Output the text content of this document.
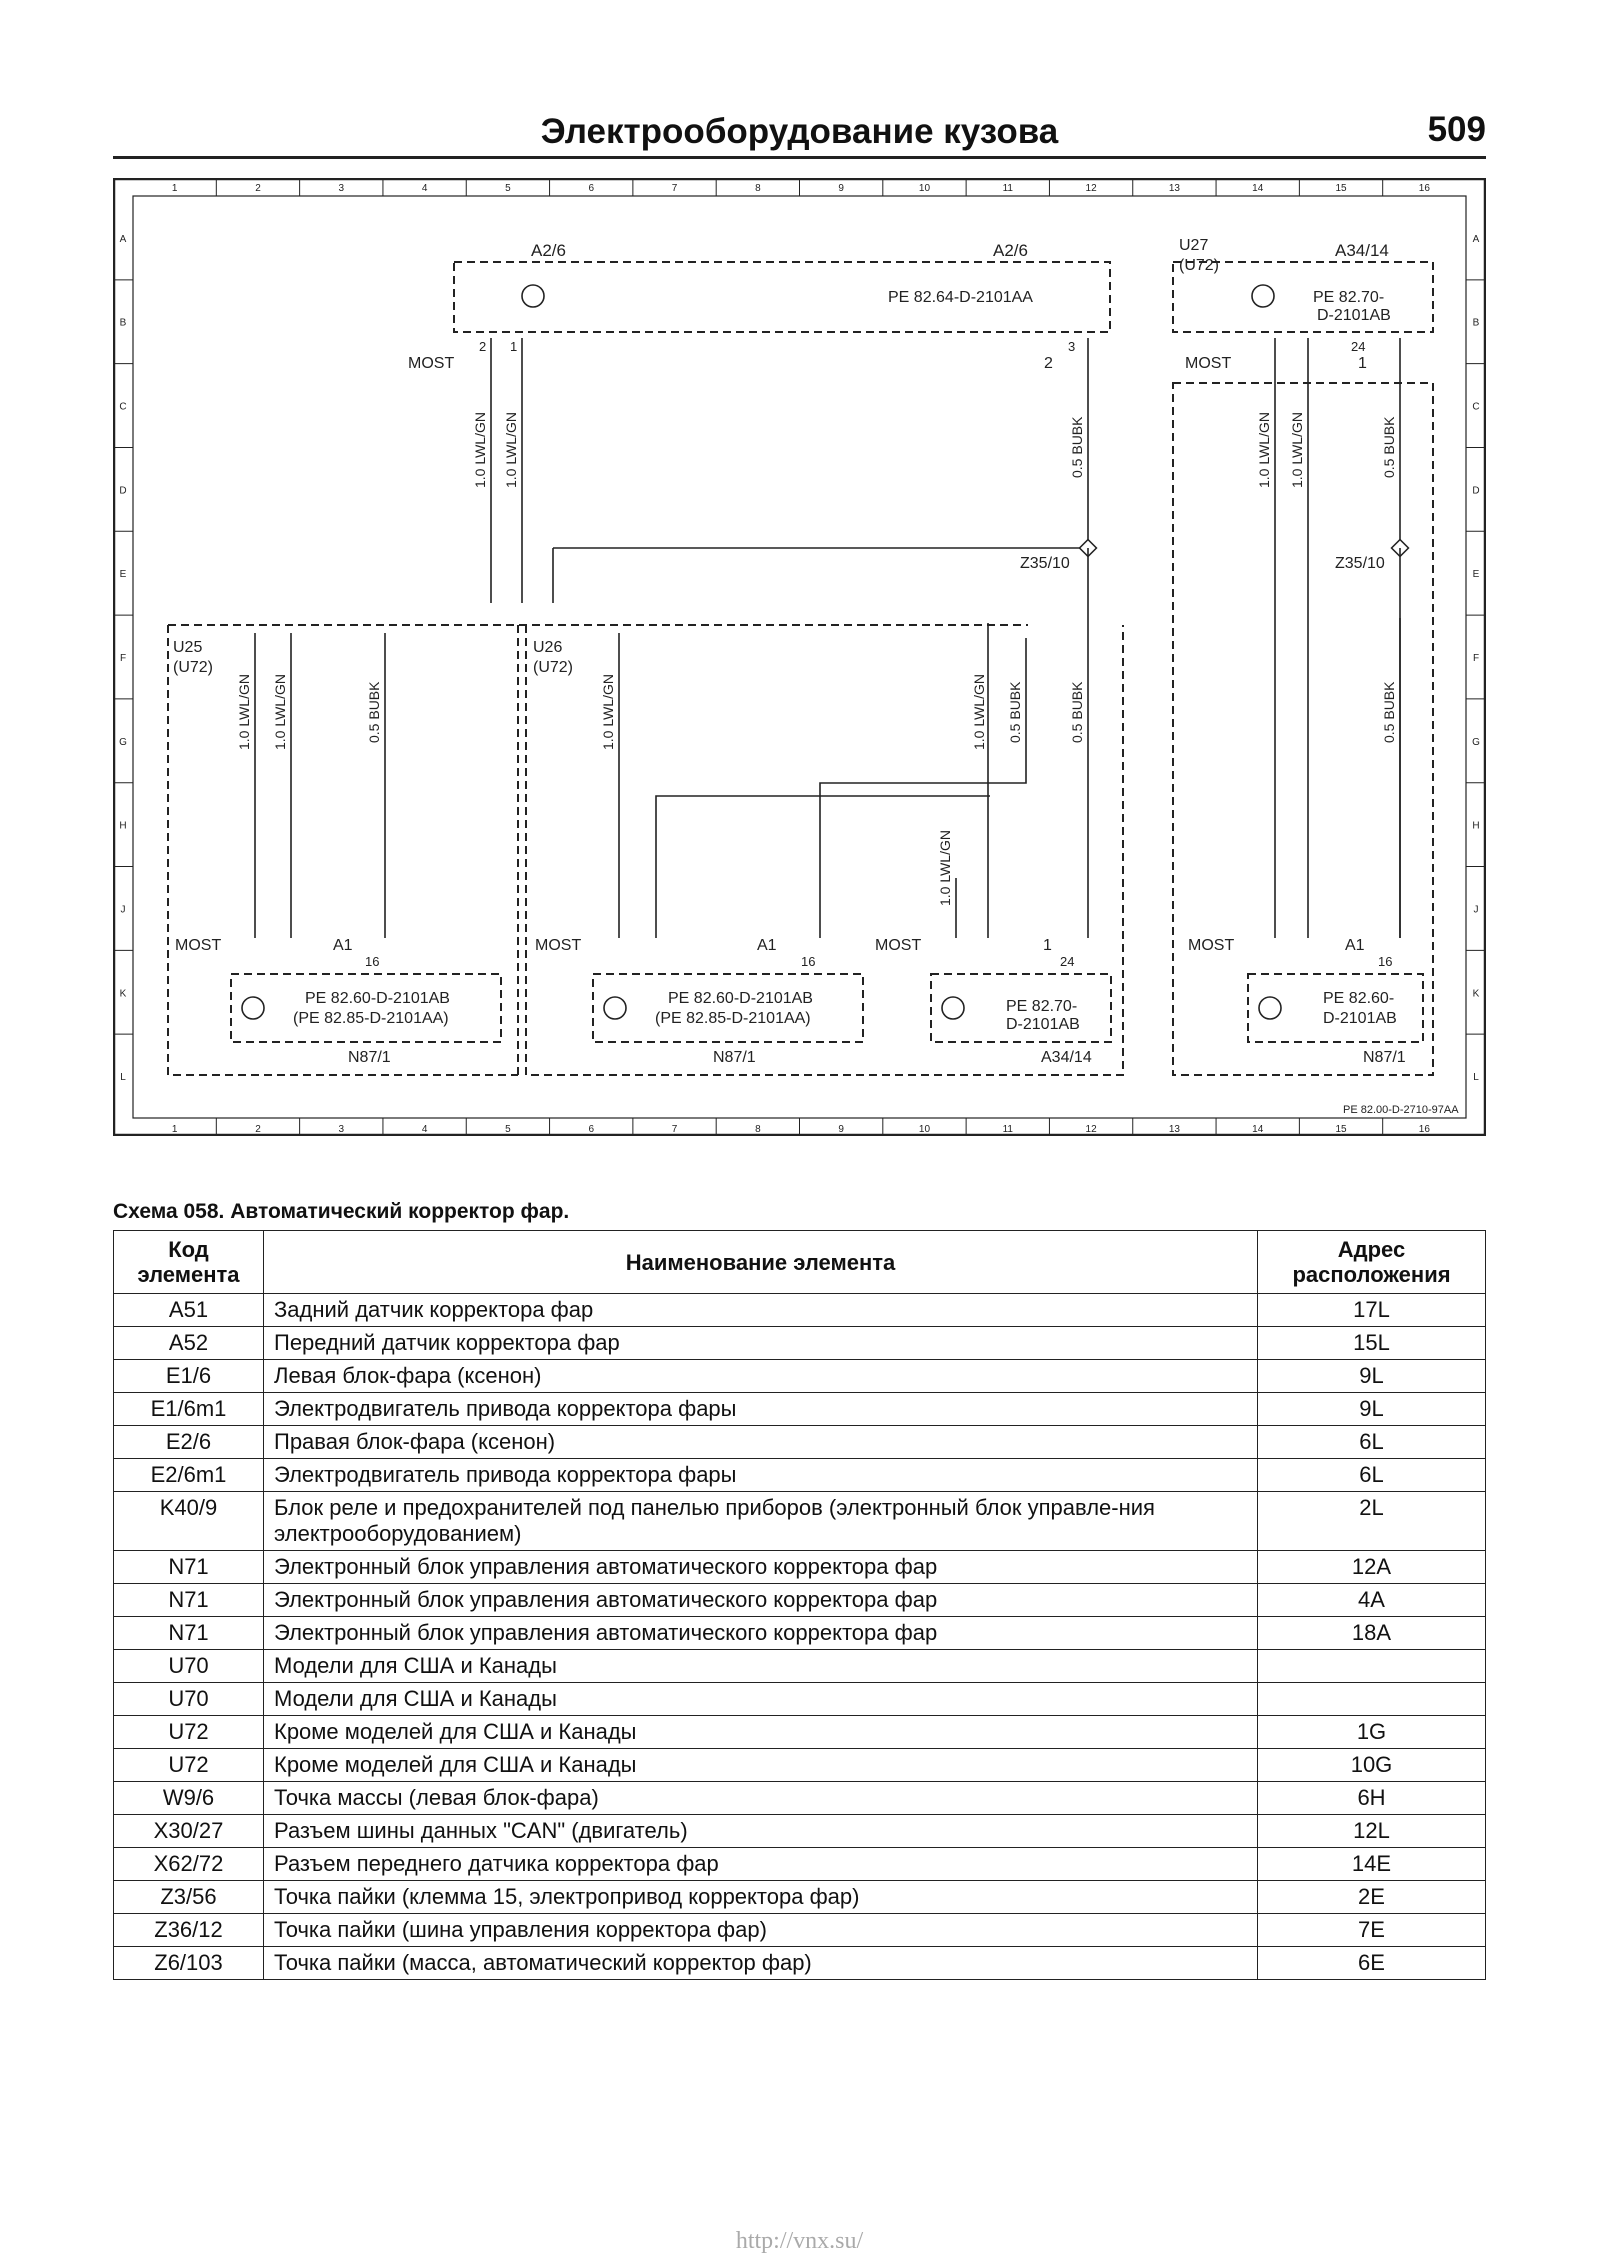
Электрооборудование кузова	509
1
1
2
2
3
3
4
4
5
5
6
6
7
7
8
8
9
9
10
10
11
11
12
12
13
13
14
14
15
15
16
16
A	A
B	B
C	C
D	D
E	E
F	F
G	G
H	H
J	J
K	K
L	L
A2/6	A2/6
PE 82.64-D-2101AA
MOST
2 1	3
2
U27
(U72)
A34/14
PE 82.70-
D-2101AB
MOST
24
1
Z35/10	Z35/10
1.0 LWL/GN 1.0 LWL/GN	0.5 BUBK	1.0 LWL/GN 1.0 LWL/GN	0.5 BUBK
U25
(U72)
U26
(U72)
1.0 LWL/GN 1.0 LWL/GN	0.5 BUBK	1.0 LWL/GN	1.0 LWL/GN 0.5 BUBK	0.5 BUBK
1.0 LWL/GN
0.5 BUBK
MOST	A1
PE 82.60-D-2101AB
(PE 82.85-D-2101AA)
N87/1
16
MOST	A1
PE 82.60-D-2101AB
(PE 82.85-D-2101AA)
N87/1
16
MOST	1
PE 82.70-
D-2101AB
A34/14
24
MOST	A1
PE 82.60-
D-2101AB
N87/1
16
PE 82.00-D-2710-97AA
Схема 058. Автоматический корректор фар.
Код элемента	Наименование элемента	Адрес расположения
A51	Задний датчик корректора фар	17L
A52	Передний датчик корректора фар	15L
E1/6	Левая блок-фара (ксенон)	9L
E1/6m1	Электродвигатель привода корректора фары	9L
E2/6	Правая блок-фара (ксенон)	6L
E2/6m1	Электродвигатель привода корректора фары	6L
K40/9	Блок реле и предохранителей под панелью приборов (электронный блок управле-ния электрооборудованием)	2L
N71	Электронный блок управления автоматического корректора фар	12A
N71	Электронный блок управления автоматического корректора фар	4A
N71	Электронный блок управления автоматического корректора фар	18A
U70	Модели для США и Канады	
U70	Модели для США и Канады	
U72	Кроме моделей для США и Канады	1G
U72	Кроме моделей для США и Канады	10G
W9/6	Точка массы (левая блок-фара)	6H
X30/27	Разъем шины данных "CAN" (двигатель)	12L
X62/72	Разъем переднего датчика корректора фар	14E
Z3/56	Точка пайки (клемма 15, электропривод корректора фар)	2E
Z36/12	Точка пайки (шина управления корректора фар)	7E
Z6/103	Точка пайки (масса, автоматический корректор фар)	6E
http://vnx.su/
